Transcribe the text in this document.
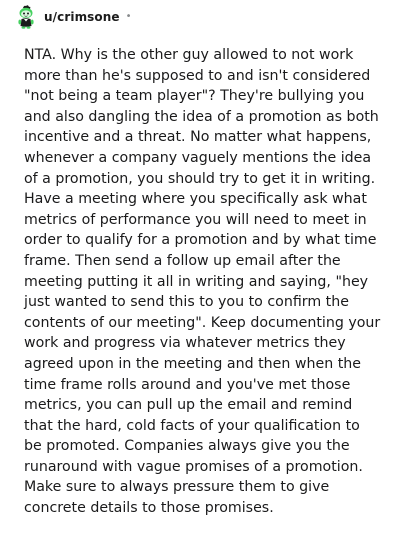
u/crimsone •

NTA. Why is the other guy allowed to not work more than he's supposed to and isn't considered "not being a team player"? They're bullying you and also dangling the idea of a promotion as both incentive and a threat. No matter what happens, whenever a company vaguely mentions the idea of a promotion, you should try to get it in writing. Have a meeting where you specifically ask what metrics of performance you will need to meet in order to qualify for a promotion and by what time frame. Then send a follow up email after the meeting putting it all in writing and saying, "hey just wanted to send this to you to confirm the contents of our meeting". Keep documenting your work and progress via whatever metrics they agreed upon in the meeting and then when the time frame rolls around and you've met those metrics, you can pull up the email and remind that the hard, cold facts of your qualification to be promoted. Companies always give you the runaround with vague promises of a promotion. Make sure to always pressure them to give concrete details to those promises.
